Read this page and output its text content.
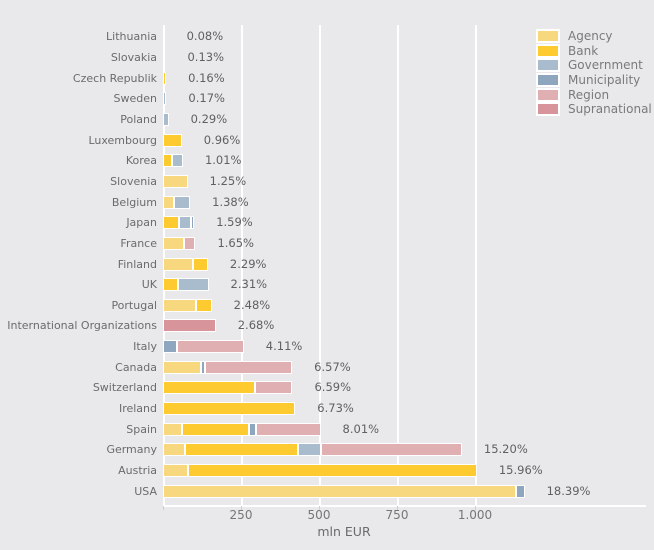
Lithuania	0.08%
Slovakia	0.13%
Czech Republik	0.16%
Sweden	0.17%
Poland	0.29%
Luxembourg	0.96%
Korea	1.01%
Slovenia	1.25%
Belgium	1.38%
Japan	1.59%
France	1.65%
Finland	2.29%
UK	2.31%
Portugal	2.48%
International Organizations	2.68%
Italy	4.11%
Canada	6.57%
Switzerland	6.59%
Ireland	6.73%
Spain	8.01%
Germany	15.20%
Austria	15.96%
USA	18.39%
250	500	750	1.000
mln EUR
Agency
Bank
Government
Municipality
Region
Supranational
